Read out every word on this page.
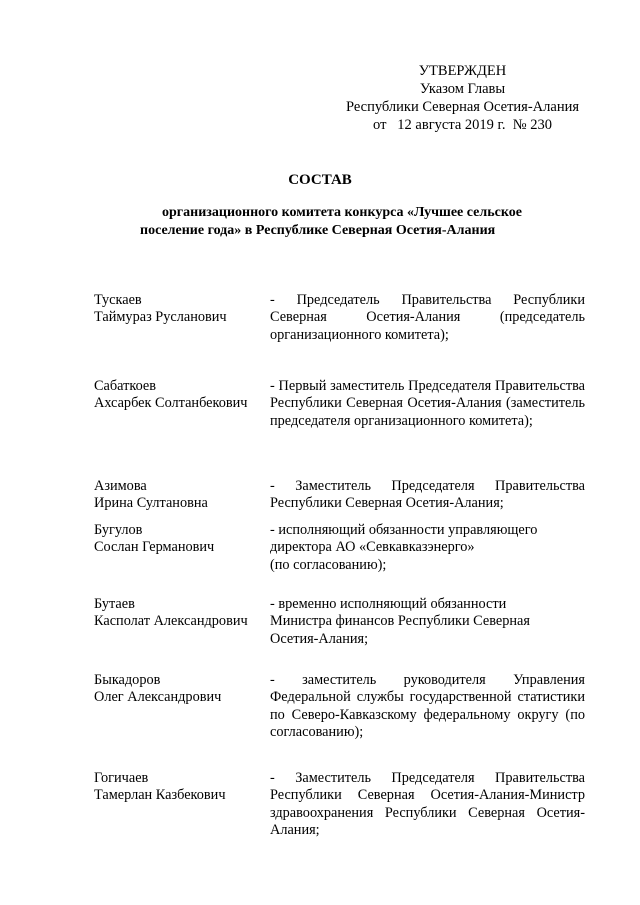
УТВЕРЖДЕН
Указом Главы
Республики Северная Осетия-Алания
от   12 августа 2019 г.  № 230
СОСТАВ
организационного комитета конкурса «Лучшее сельское
поселение года» в Республике Северная Осетия-Алания
Тускаев
Таймураз Русланович
- Председатель Правительства Республики Северная Осетия-Алания (председатель организационного комитета);
Сабаткоев
Ахсарбек Солтанбекович
- Первый заместитель Председателя Правительства Республики Северная Осетия-Алания (заместитель председателя организационного комитета);
Азимова
Ирина Султановна
- Заместитель Председателя Правительства Республики Северная Осетия-Алания;
Бугулов
Сослан Германович
- исполняющий обязанности управляющего
директора АО «Севкавказэнерго»
(по согласованию);
Бутаев
Касполат Александрович
- временно исполняющий обязанности
Министра финансов Республики Северная
Осетия-Алания;
Быкадоров
Олег Александрович
- заместитель руководителя Управления Федеральной службы государственной статистики по Северо-Кавказскому федеральному округу (по согласованию);
Гогичаев
Тамерлан Казбекович
- Заместитель Председателя Правительства Республики Северная Осетия-Алания-Министр здравоохранения Республики Северная Осетия-Алания;
